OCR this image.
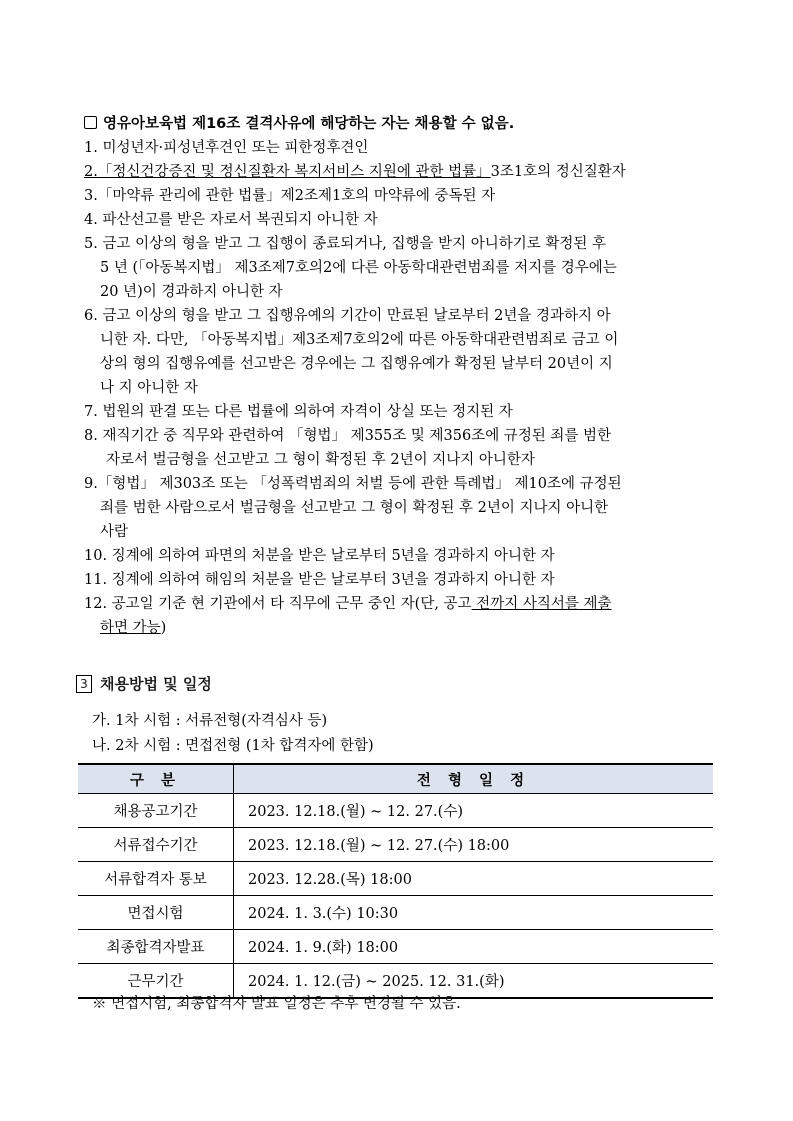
영유아보육법 제16조 결격사유에 해당하는 자는 채용할 수 없음.
1. 미성년자·피성년후견인 또는 피한정후견인
2.「정신건강증진 및 정신질환자 복지서비스 지원에 관한 법률」3조1호의 정신질환자
3.「마약류 관리에 관한 법률」제2조제1호의 마약류에 중독된 자
4. 파산선고를 받은 자로서 복권되지 아니한 자
5. 금고 이상의 형을 받고 그 집행이 종료되거나, 집행을 받지 아니하기로 확정된 후
5 년 (「아동복지법」 제3조제7호의2에 다른 아동학대관련범죄를 저지를 경우에는
20 년)이 경과하지 아니한 자
6. 금고 이상의 형을 받고 그 집행유예의 기간이 만료된 날로부터 2년을 경과하지 아
니한 자. 다만, 「아동복지법」제3조제7호의2에 따른 아동학대관련범죄로 금고 이
상의 형의 집행유예를 선고받은 경우에는 그 집행유예가 확정된 날부터 20년이 지
나 지 아니한 자
7. 법원의 판결 또는 다른 법률에 의하여 자격이 상실 또는 정지된 자
8. 재직기간 중 직무와 관련하여 「형법」 제355조 및 제356조에 규정된 죄를 범한
자로서 벌금형을 선고받고 그 형이 확정된 후 2년이 지나지 아니한자
9.「형법」 제303조 또는 「성폭력범죄의 처벌 등에 관한 특례법」 제10조에 규정된
죄를 범한 사람으로서 벌금형을 선고받고 그 형이 확정된 후 2년이 지나지 아니한
사람
10. 징계에 의하여 파면의 처분을 받은 날로부터 5년을 경과하지 아니한 자
11. 징계에 의하여 해임의 처분을 받은 날로부터 3년을 경과하지 아니한 자
12. 공고일 기준 현 기관에서 타 직무에 근무 중인 자(단, 공고 전까지 사직서를 제출
하면 가능)
3 채용방법 및 일정
가. 1차 시험 : 서류전형(자격심사 등)
나. 2차 시험 : 면접전형 (1차 합격자에 한함)
구 분	전 형 일 정
채용공고기간	2023. 12.18.(월) ~ 12. 27.(수)
서류접수기간	2023. 12.18.(월) ~ 12. 27.(수) 18:00
서류합격자 통보	2023. 12.28.(목) 18:00
면접시험	2024. 1. 3.(수) 10:30
최종합격자발표	2024. 1. 9.(화) 18:00
근무기간	2024. 1. 12.(금) ~ 2025. 12. 31.(화)
※ 면접시험, 최종합격자 발표 일정은 추후 변경될 수 있음.
